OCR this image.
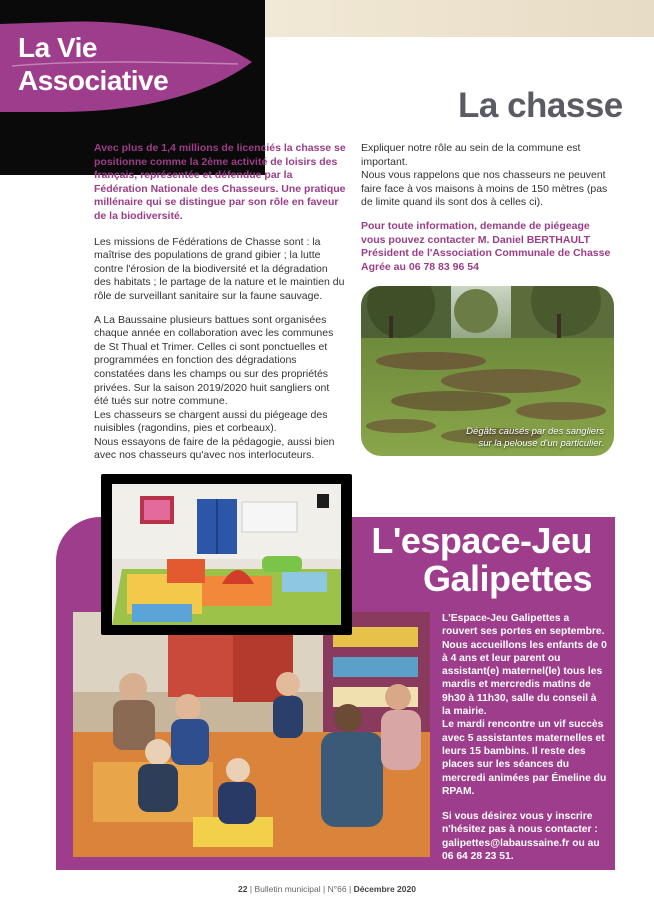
La Vie
Associative
La chasse

Avec plus de 1,4 millions de licenciés la chasse se positionne comme la 2ème activité de loisirs des français, représentée et défendue par la Fédération Nationale des Chasseurs. Une pratique millénaire qui se distingue par son rôle en faveur de la biodiversité.

Les missions de Fédérations de Chasse sont : la maîtrise des populations de grand gibier ; la lutte contre l'érosion de la biodiversité et la dégradation des habitats ; le partage de la nature et le maintien du rôle de surveillant sanitaire sur la faune sauvage.

A La Baussaine plusieurs battues sont organisées chaque année en collaboration avec les communes de St Thual et Trimer. Celles ci sont ponctuelles et programmées en fonction des dégradations constatées dans les champs ou sur des propriétés privées. Sur la saison 2019/2020 huit sangliers ont été tués sur notre commune.

Les chasseurs se chargent aussi du piégeage des nuisibles (ragondins, pies et corbeaux).

Nous essayons de faire de la pédagogie, aussi bien avec nos chasseurs qu'avec nos interlocuteurs.

Expliquer notre rôle au sein de la commune est important.

Nous vous rappelons que nos chasseurs ne peuvent faire face à vos maisons à moins de 150 mètres (pas de limite quand ils sont dos à celles ci).

Pour toute information, demande de piégeage vous pouvez contacter M. Daniel BERTHAULT Président de l'Association Communale de Chasse Agrée au 06 78 83 96 54

Dégâts causés par des sangliers
sur la pelouse d'un particulier.
L'espace-Jeu
Galipettes

L'Espace-Jeu Galipettes a rouvert ses portes en septembre. Nous accueillons les enfants de 0 à 4 ans et leur parent ou assistant(e) maternel(le) tous les mardis et mercredis matins de 9h30 à 11h30, salle du conseil à la mairie.

Le mardi rencontre un vif succès avec 5 assistantes maternelles et leurs 15 bambins. Il reste des places sur les séances du mercredi animées par Émeline du RPAM.

Si vous désirez vous y inscrire n'hésitez pas à nous contacter : galipettes@labaussaine.fr ou au 06 64 28 23 51.

22 | Bulletin municipal | N°66 | Décembre 2020
